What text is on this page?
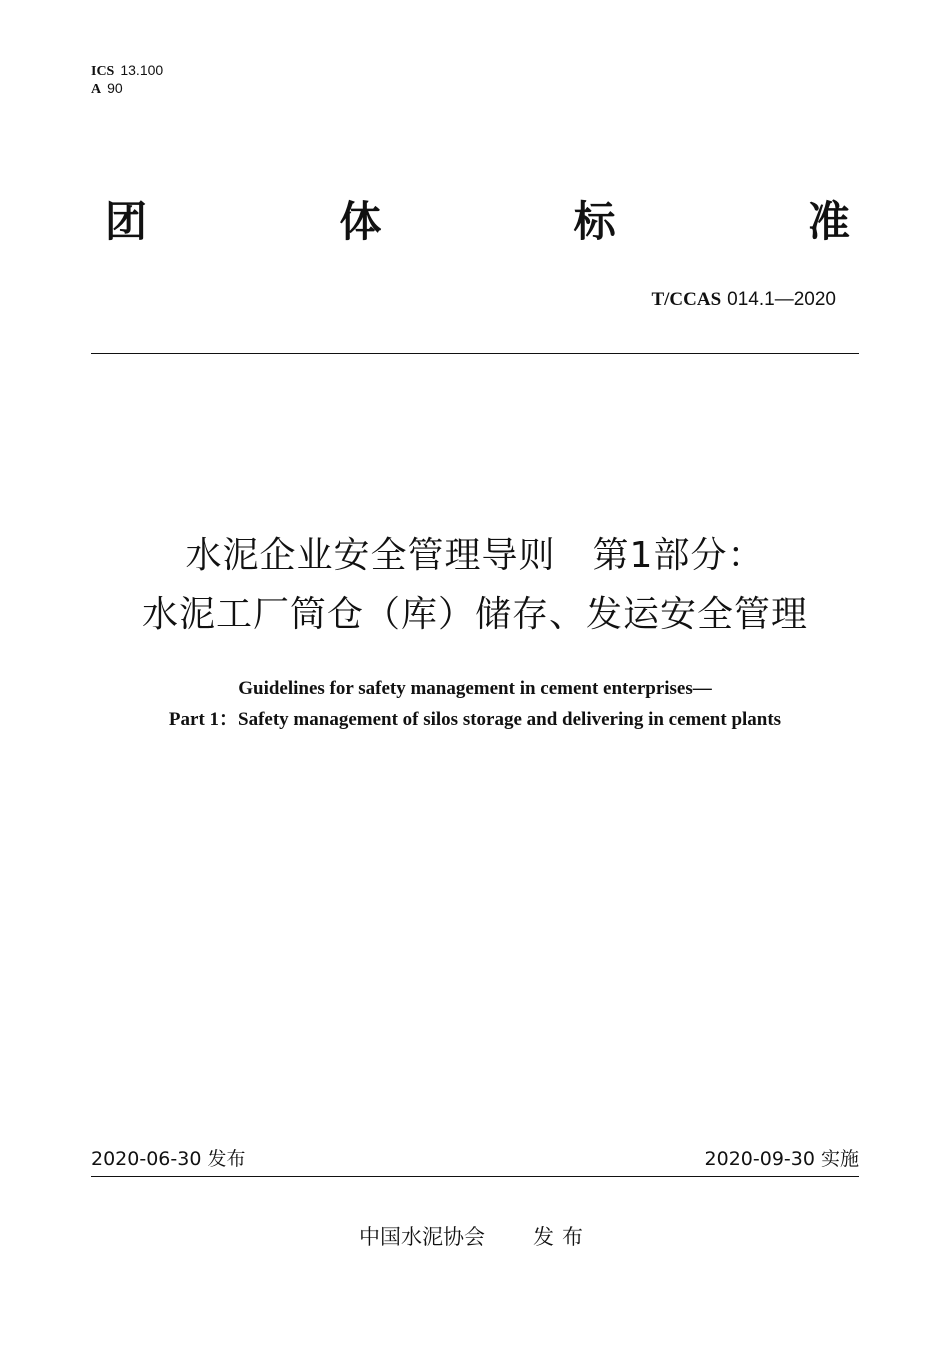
ICS 13.100
A 90
团	体	标	准
T/CCAS 014.1—2020
水泥企业安全管理导则　第1部分：
水泥工厂筒仓（库）储存、发运安全管理
Guidelines for safety management in cement enterprises—
Part 1：Safety management of silos storage and delivering in cement plants
2020-06-30 发布	2020-09-30 实施
中国水泥协会 发布
